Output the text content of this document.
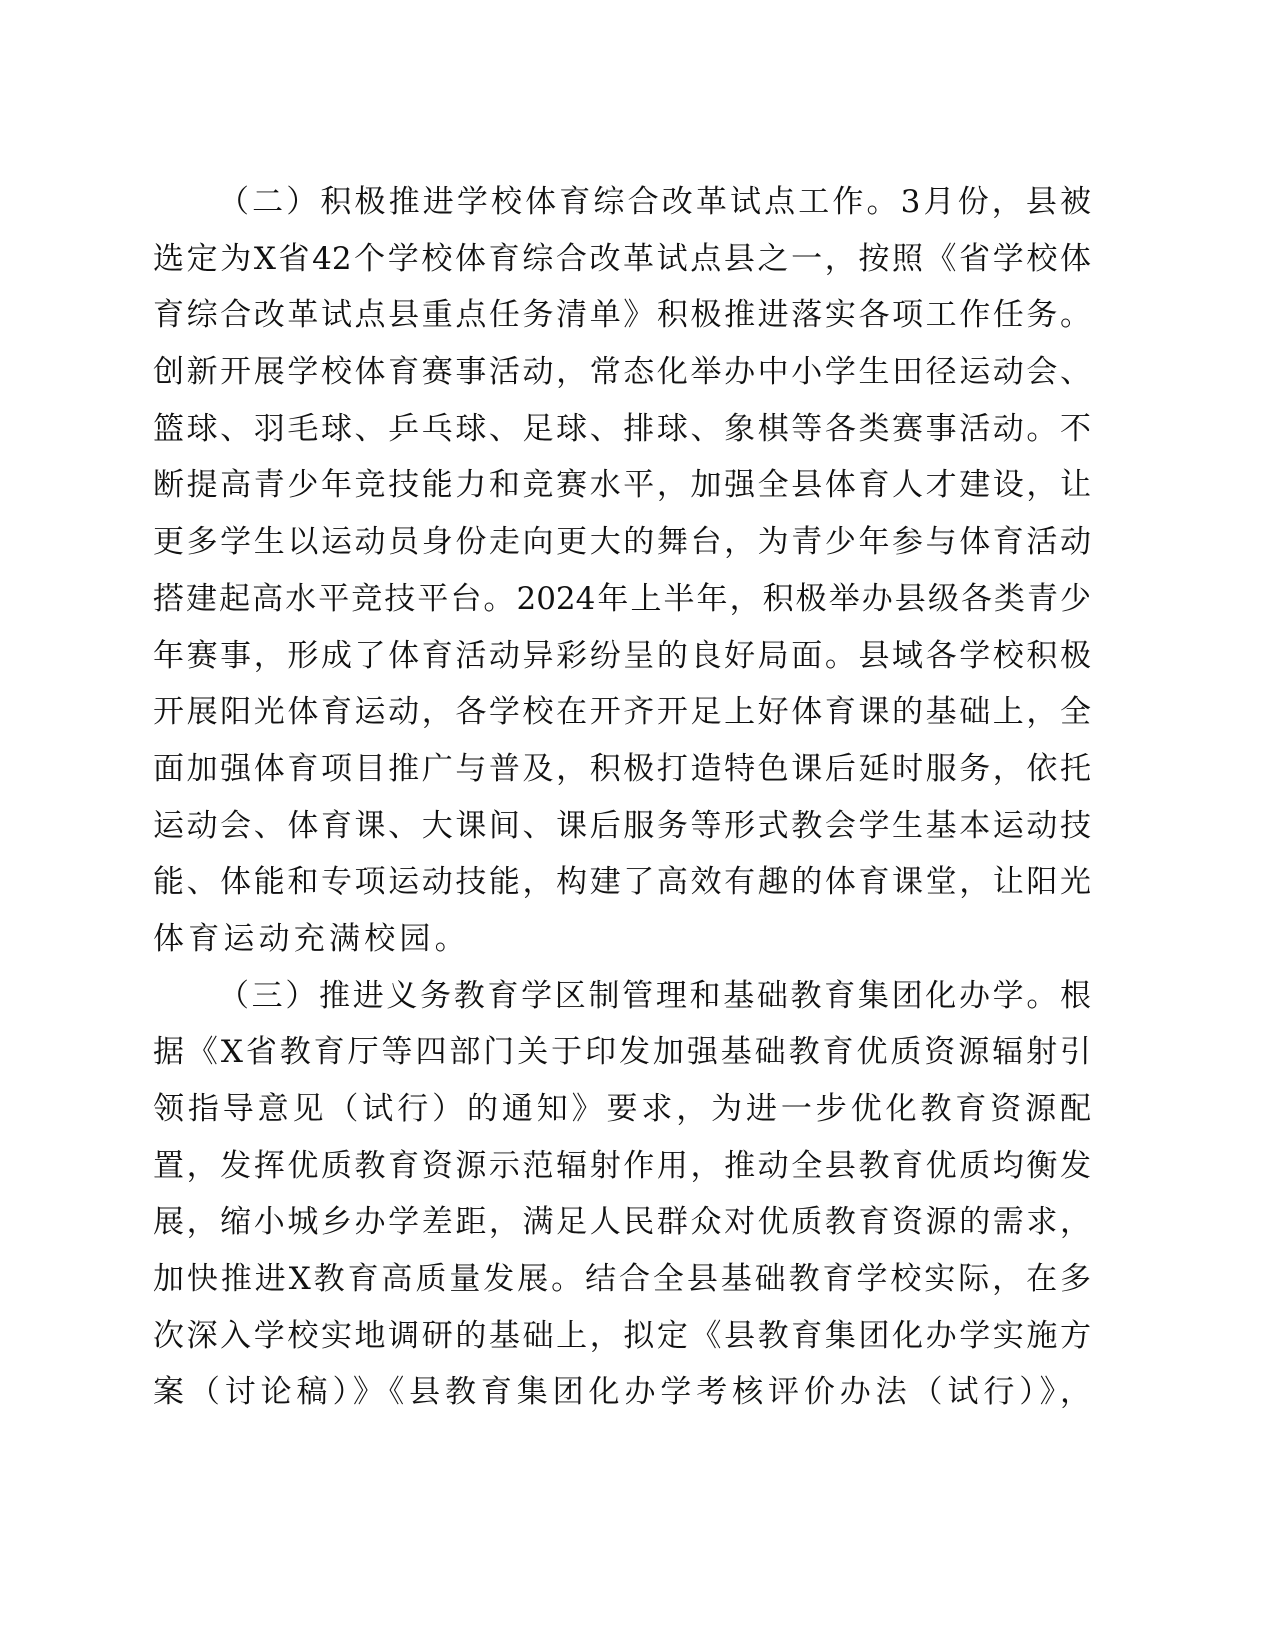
（二）积极推进学校体育综合改革试点工作。3月份，县被
选定为X省42个学校体育综合改革试点县之一，按照《省学校体
育综合改革试点县重点任务清单》积极推进落实各项工作任务。
创新开展学校体育赛事活动，常态化举办中小学生田径运动会、
篮球、羽毛球、乒乓球、足球、排球、象棋等各类赛事活动。不
断提高青少年竞技能力和竞赛水平，加强全县体育人才建设，让
更多学生以运动员身份走向更大的舞台，为青少年参与体育活动
搭建起高水平竞技平台。2024年上半年，积极举办县级各类青少
年赛事，形成了体育活动异彩纷呈的良好局面。县域各学校积极
开展阳光体育运动，各学校在开齐开足上好体育课的基础上，全
面加强体育项目推广与普及，积极打造特色课后延时服务，依托
运动会、体育课、大课间、课后服务等形式教会学生基本运动技
能、体能和专项运动技能，构建了高效有趣的体育课堂，让阳光
体育运动充满校园。
（三）推进义务教育学区制管理和基础教育集团化办学。根
据《X省教育厅等四部门关于印发加强基础教育优质资源辐射引
领指导意见（试行）的通知》要求，为进一步优化教育资源配
置，发挥优质教育资源示范辐射作用，推动全县教育优质均衡发
展，缩小城乡办学差距，满足人民群众对优质教育资源的需求，
加快推进X教育高质量发展。结合全县基础教育学校实际，在多
次深入学校实地调研的基础上，拟定《县教育集团化办学实施方
案（讨论稿）》《县教育集团化办学考核评价办法（试行）》，
